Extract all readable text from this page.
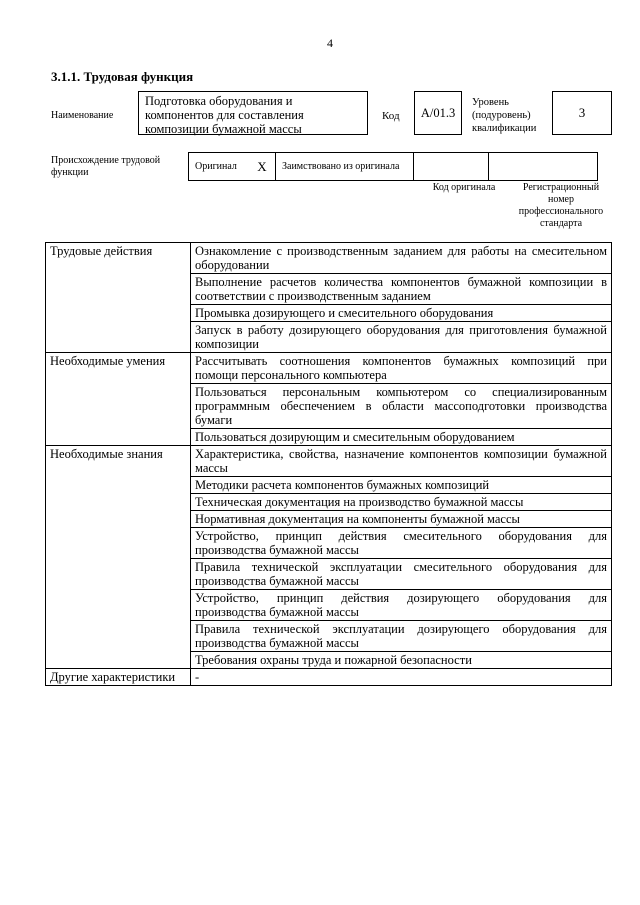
4
3.1.1. Трудовая функция
Наименование
Подготовка оборудования и компонентов для составления композиции бумажной массы
Код	A/01.3
Уровень (подуровень) квалификации
3
Происхождение трудовой функции
Оригинал	X	Заимствовано из оригинала		
Код оригинала	Регистрационный номер профессионального стандарта
Трудовые действия	Ознакомление с производственным заданием для работы на смесительном оборудовании
	Выполнение расчетов количества компонентов бумажной композиции в соответствии с производственным заданием
	Промывка дозирующего и смесительного оборудования
	Запуск в работу дозирующего оборудования для приготовления бумажной композиции
Необходимые умения	Рассчитывать соотношения компонентов бумажных композиций при помощи персонального компьютера
	Пользоваться персональным компьютером со специализированным программным обеспечением в области массоподготовки производства бумаги
	Пользоваться дозирующим и смесительным оборудованием
Необходимые знания	Характеристика, свойства, назначение компонентов композиции бумажной массы
	Методики расчета компонентов бумажных композиций
	Техническая документация на производство бумажной массы
	Нормативная документация на компоненты бумажной массы
	Устройство, принцип действия смесительного оборудования для производства бумажной массы
	Правила технической эксплуатации смесительного оборудования для производства бумажной массы
	Устройство, принцип действия дозирующего оборудования для производства бумажной массы
	Правила технической эксплуатации дозирующего оборудования для производства бумажной массы
	Требования охраны труда и пожарной безопасности
Другие характеристики	-
